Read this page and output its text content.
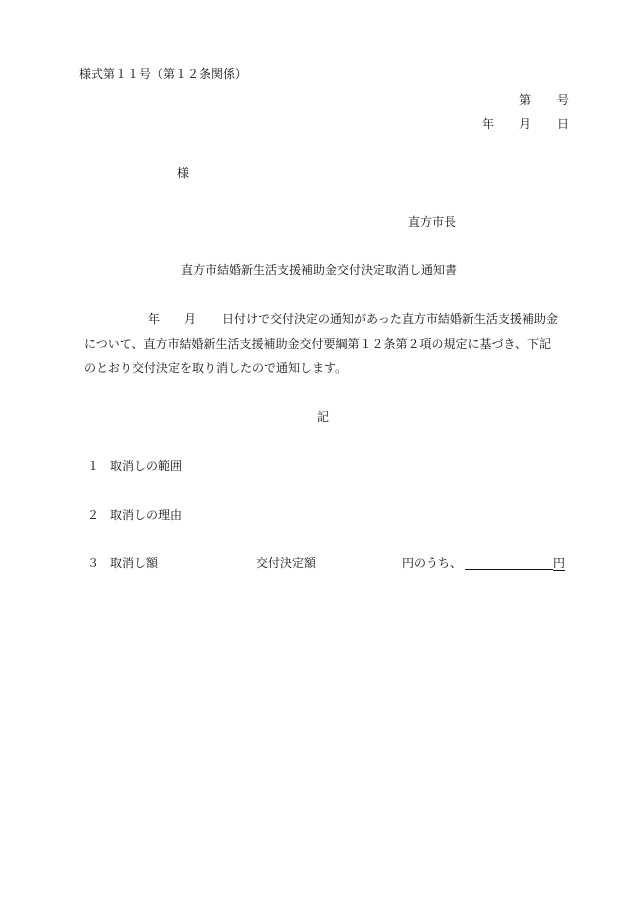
様式第１１号（第１２条関係）
第 号
年 月 日
様
直方市長
直方市結婚新生活支援補助金交付決定取消し通知書
年 月 日付けで交付決定の通知があった直方市結婚新生活支援補助金
について、直方市結婚新生活支援補助金交付要綱第１２条第２項の規定に基づき、下記
のとおり交付決定を取り消したので通知します。
記
１ 取消しの範囲
２ 取消しの理由
３ 取消し額	交付決定額	円のうち、	円
